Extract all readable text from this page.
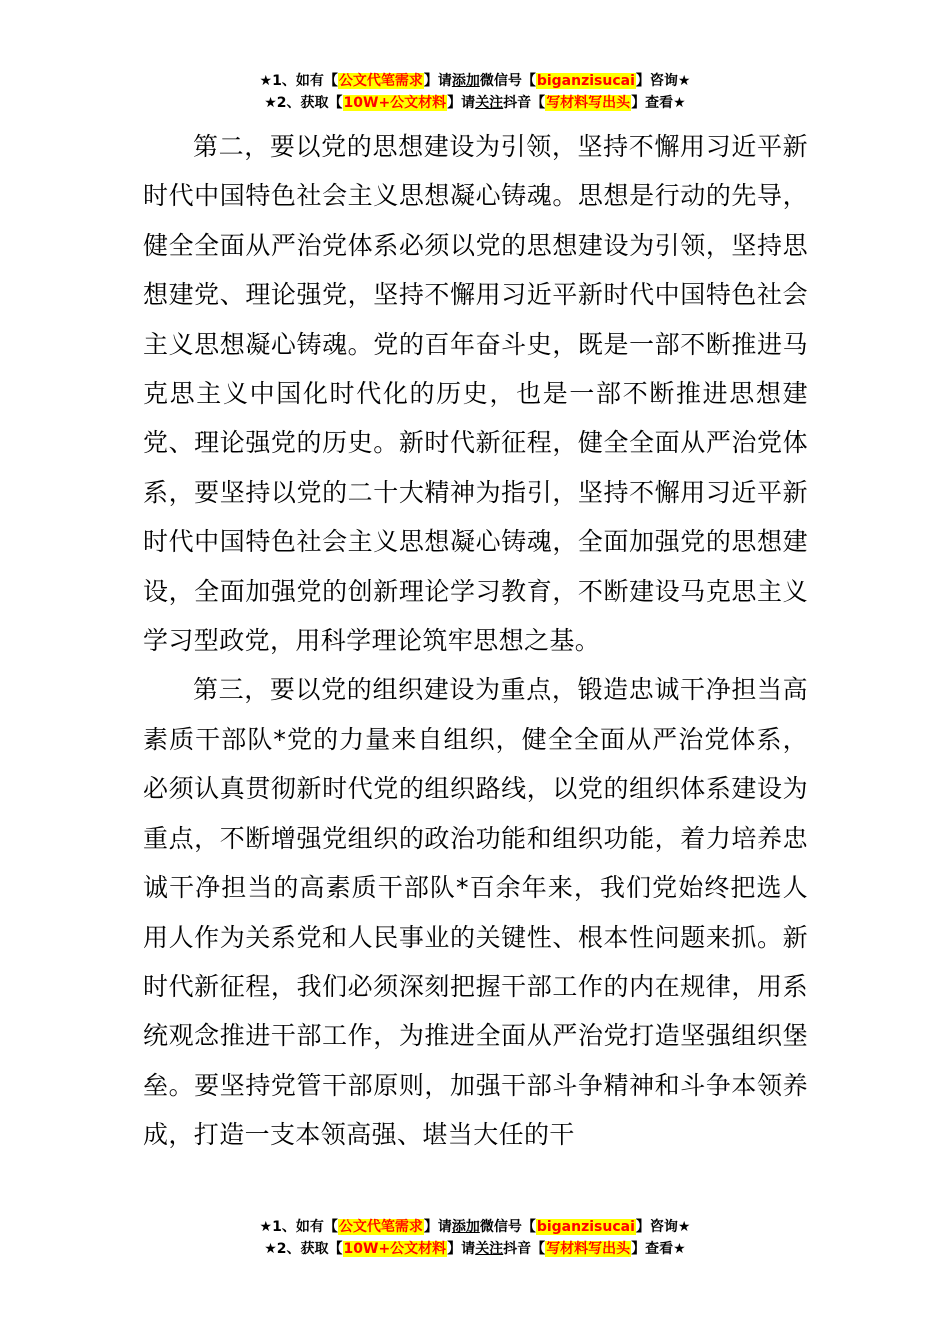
★1、如有【公文代笔需求】请添加微信号【biganzisucai】咨询★
★2、获取【10W+公文材料】请关注抖音【写材料写出头】查看★

第二，要以党的思想建设为引领，坚持不懈用习近平新时代中国特色社会主义思想凝心铸魂。思想是行动的先导，健全全面从严治党体系必须以党的思想建设为引领，坚持思想建党、理论强党，坚持不懈用习近平新时代中国特色社会主义思想凝心铸魂。党的百年奋斗史，既是一部不断推进马克思主义中国化时代化的历史，也是一部不断推进思想建党、理论强党的历史。新时代新征程，健全全面从严治党体系，要坚持以党的二十大精神为指引，坚持不懈用习近平新时代中国特色社会主义思想凝心铸魂，全面加强党的思想建设，全面加强党的创新理论学习教育，不断建设马克思主义学习型政党，用科学理论筑牢思想之基。

第三，要以党的组织建设为重点，锻造忠诚干净担当高素质干部队*党的力量来自组织，健全全面从严治党体系，必须认真贯彻新时代党的组织路线，以党的组织体系建设为重点，不断增强党组织的政治功能和组织功能，着力培养忠诚干净担当的高素质干部队*百余年来，我们党始终把选人用人作为关系党和人民事业的关键性、根本性问题来抓。新时代新征程，我们必须深刻把握干部工作的内在规律，用系统观念推进干部工作，为推进全面从严治党打造坚强组织堡垒。要坚持党管干部原则，加强干部斗争精神和斗争本领养成，打造一支本领高强、堪当大任的干

★1、如有【公文代笔需求】请添加微信号【biganzisucai】咨询★
★2、获取【10W+公文材料】请关注抖音【写材料写出头】查看★
